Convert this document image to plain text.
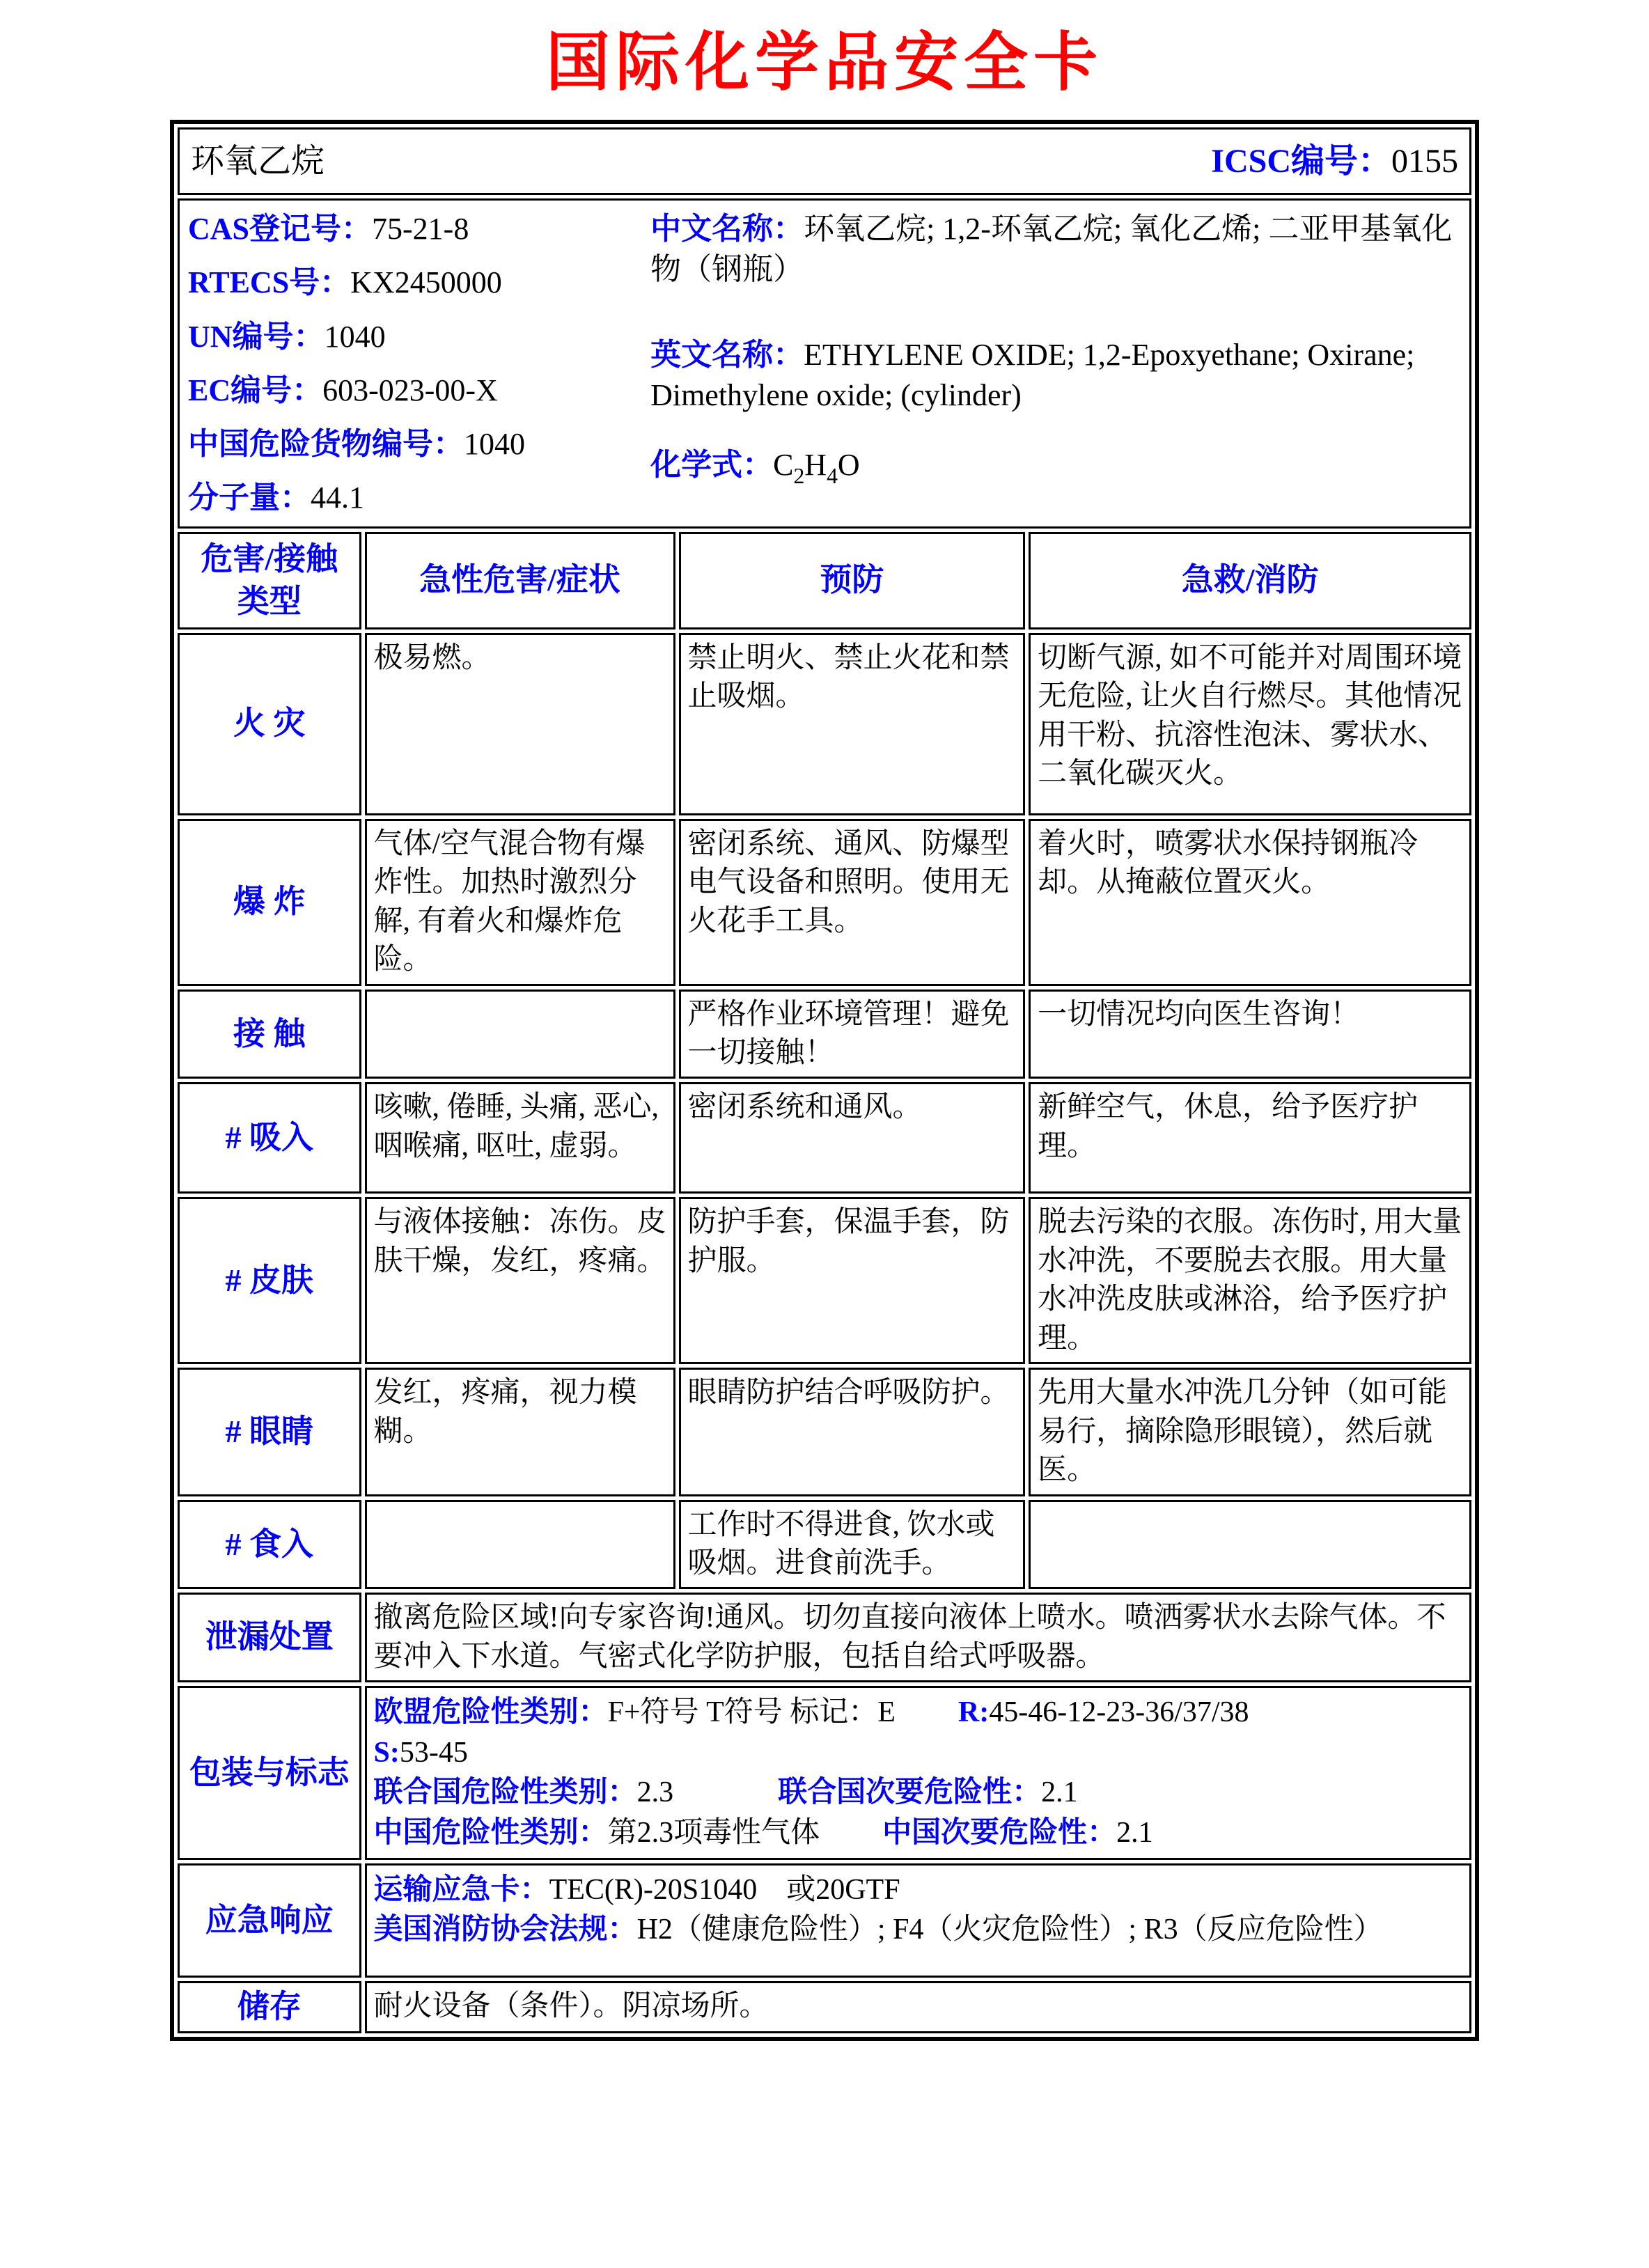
国际化学品安全卡
环氧乙烷 ICSC编号：0155			

CAS登记号：75-21-8
RTECS号：KX2450000
UN编号：1040
EC编号：603-023-00-X
中国危险货物编号：1040
分子量：44.1

中文名称：环氧乙烷; 1,2-环氧乙烷; 氧化乙烯; 二亚甲基氧化物（钢瓶）

英文名称：ETHYLENE OXIDE; 1,2-Epoxyethane; Oxirane; Dimethylene oxide; (cylinder)

化学式：$C_2H_4O$

危害/接触
类型	急性危害/症状	预防	急救/消防
火 灾	极易燃。	禁止明火、禁止火花和禁止吸烟。	切断气源, 如不可能并对周围环境无危险, 让火自行燃尽。其他情况用干粉、抗溶性泡沫、雾状水、二氧化碳灭火。
爆 炸	气体/空气混合物有爆炸性。加热时激烈分解, 有着火和爆炸危险。	密闭系统、通风、防爆型电气设备和照明。使用无火花手工具。	着火时，喷雾状水保持钢瓶冷却。从掩蔽位置灭火。
接 触		严格作业环境管理！避免一切接触！	一切情况均向医生咨询！
# 吸入	咳嗽, 倦睡, 头痛, 恶心, 咽喉痛, 呕吐, 虚弱。	密闭系统和通风。	新鲜空气，休息，给予医疗护理。
# 皮肤	与液体接触：冻伤。皮肤干燥，发红，疼痛。	防护手套，保温手套，防护服。	脱去污染的衣服。冻伤时, 用大量水冲洗，不要脱去衣服。用大量水冲洗皮肤或淋浴，给予医疗护理。
# 眼睛	发红，疼痛，视力模糊。	眼睛防护结合呼吸防护。	先用大量水冲洗几分钟（如可能易行，摘除隐形眼镜），然后就医。
# 食入		工作时不得进食, 饮水或吸烟。进食前洗手。	
泄漏处置	撤离危险区域!向专家咨询!通风。切勿直接向液体上喷水。喷洒雾状水去除气体。不要冲入下水道。气密式化学防护服，包括自给式呼吸器。		

包装与标志	欧盟危险性类别：F+符号 T符号 标记：E R:45-46-12-23-36/37/38
S:53-45
联合国危险性类别：2.3 联合国次要危险性：2.1
中国危险性类别：第2.3项毒性气体 中国次要危险性：2.1		

应急响应	运输应急卡：TEC(R)-20S1040　或20GTF
美国消防协会法规：H2（健康危险性）; F4（火灾危险性）; R3（反应危险性）		

储存	耐火设备（条件）。阴凉场所。		
